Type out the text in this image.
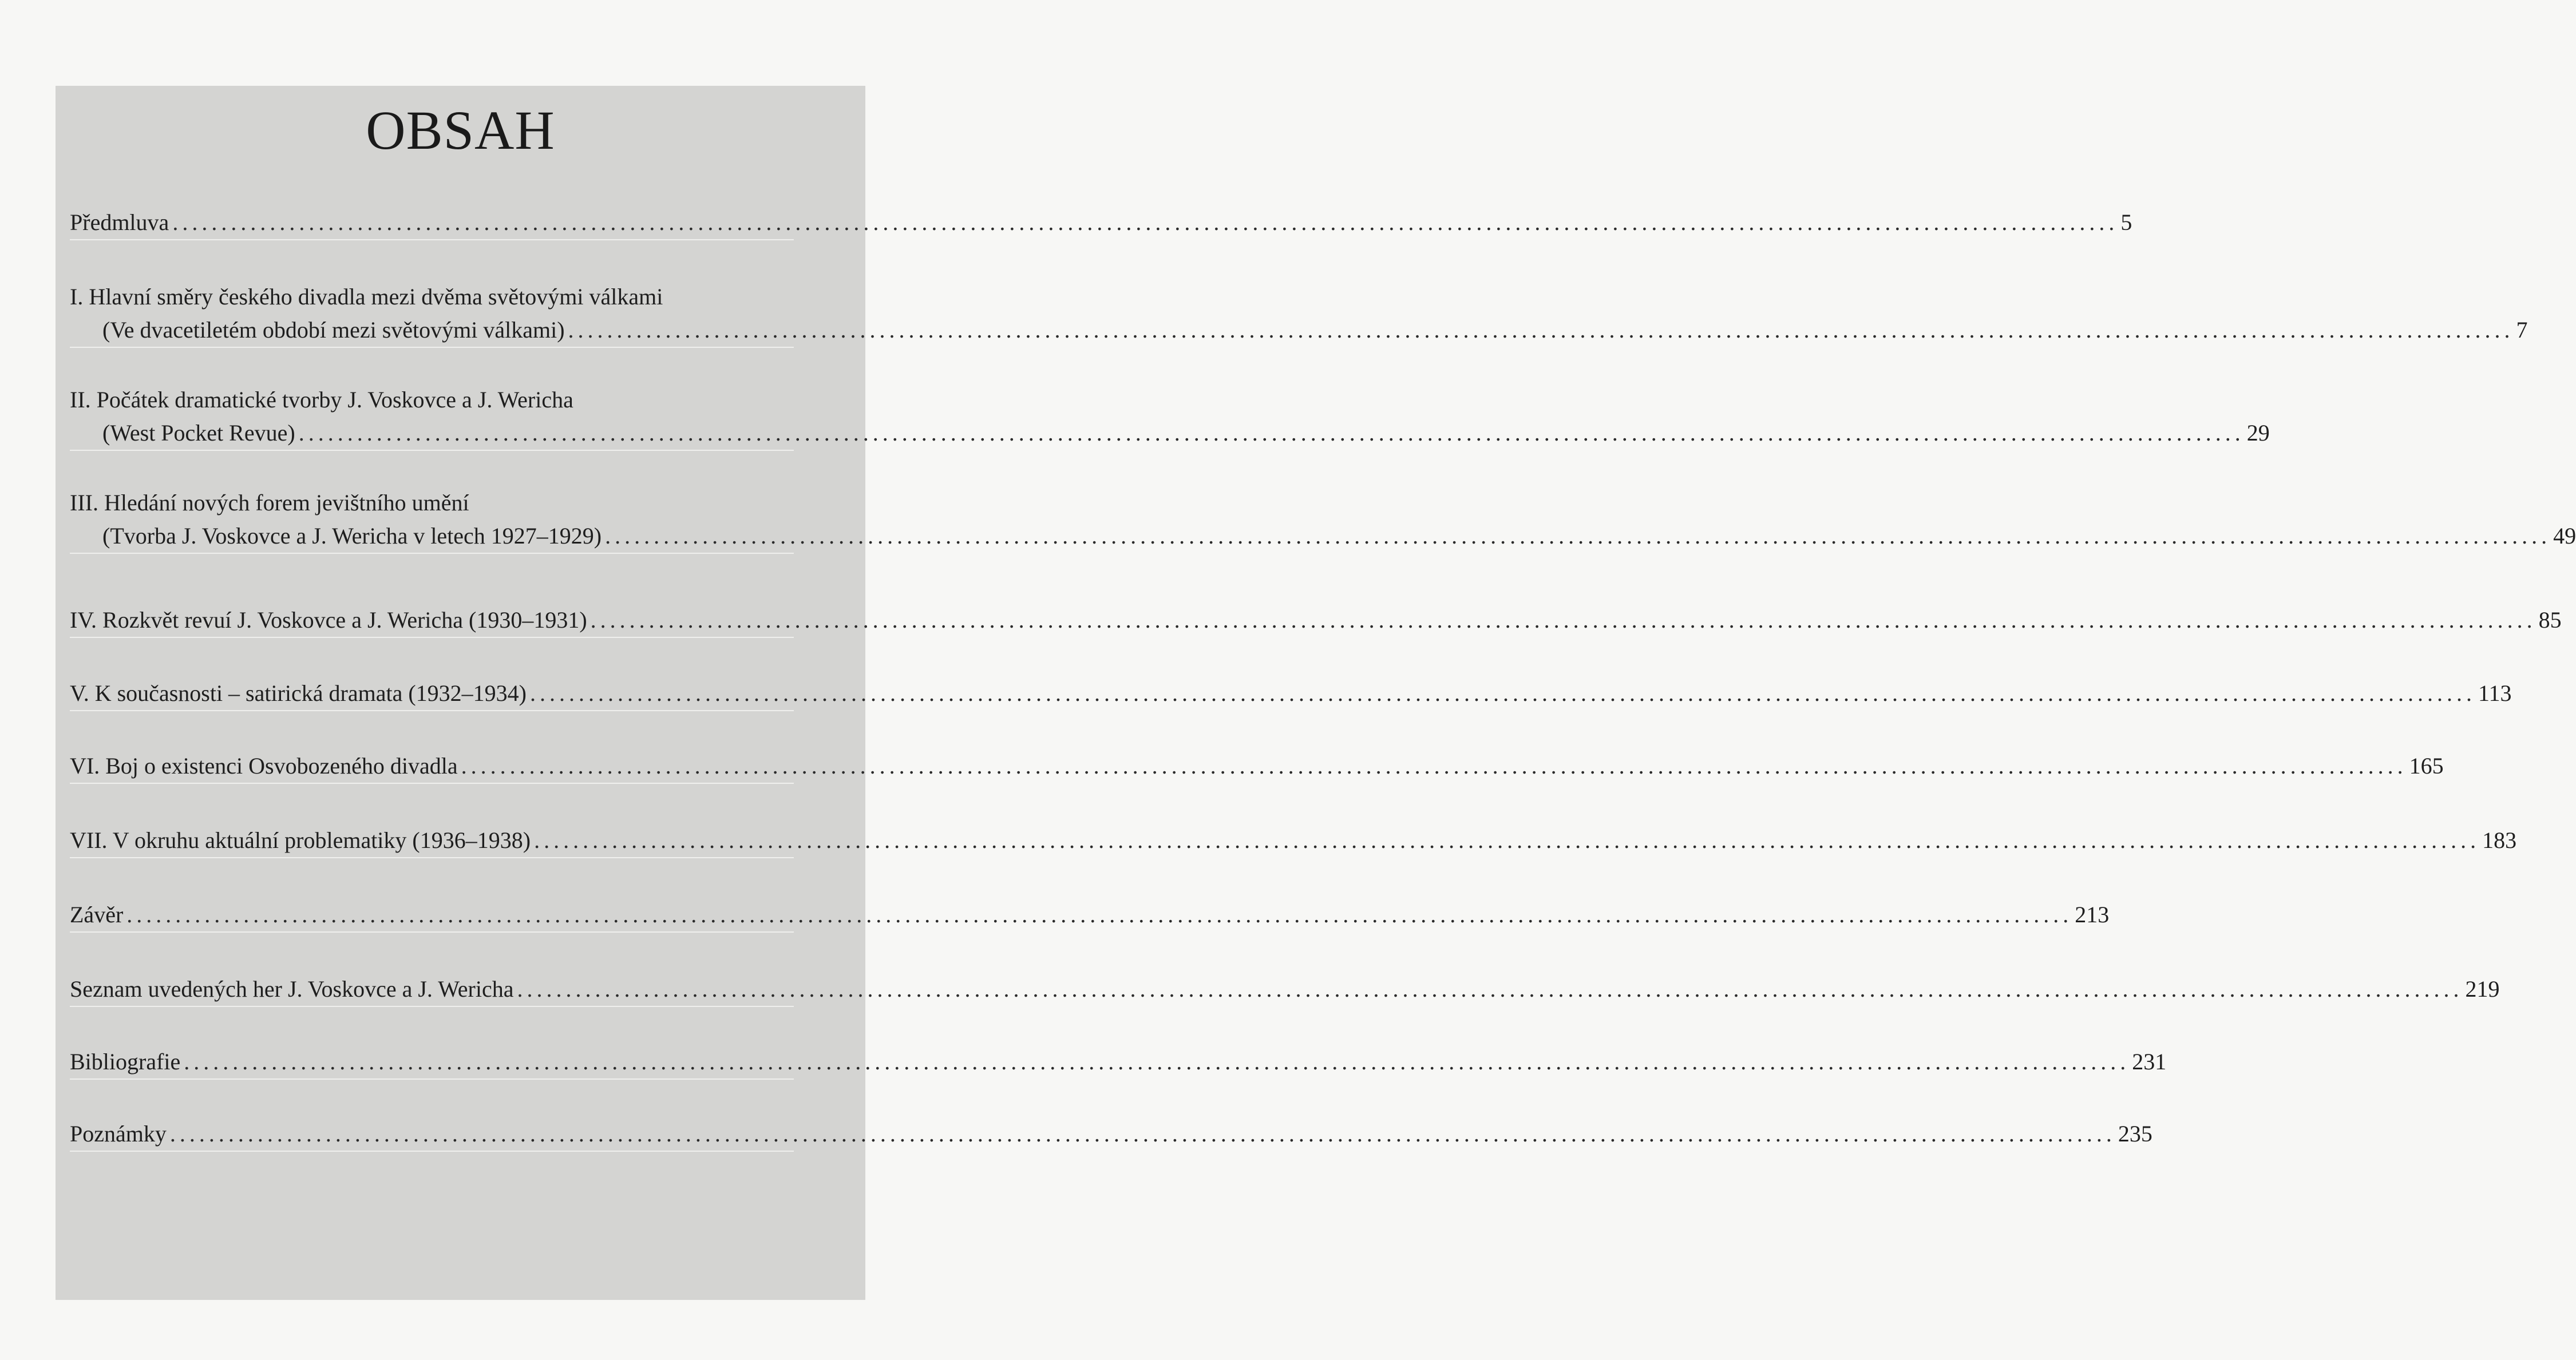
OBSAH
Předmluva ........................................................................................................................................................................................................ 5
I. Hlavní směry českého divadla mezi dvěma světovými válkami
(Ve dvacetiletém období mezi světovými válkami) ........................................................................................................................................................................................................ 7
II. Počátek dramatické tvorby J. Voskovce a J. Wericha
(West Pocket Revue) ........................................................................................................................................................................................................ 29
III. Hledání nových forem jevištního umění
(Tvorba J. Voskovce a J. Wericha v letech 1927–1929) ........................................................................................................................................................................................................ 49
IV. Rozkvět revuí J. Voskovce a J. Wericha (1930–1931) ........................................................................................................................................................................................................ 85
V. K současnosti – satirická dramata (1932–1934) ........................................................................................................................................................................................................ 113
VI. Boj o existenci Osvobozeného divadla ........................................................................................................................................................................................................ 165
VII. V okruhu aktuální problematiky (1936–1938) ........................................................................................................................................................................................................ 183
Závěr ........................................................................................................................................................................................................ 213
Seznam uvedených her J. Voskovce a J. Wericha ........................................................................................................................................................................................................ 219
Bibliografie ........................................................................................................................................................................................................ 231
Poznámky ........................................................................................................................................................................................................ 235
